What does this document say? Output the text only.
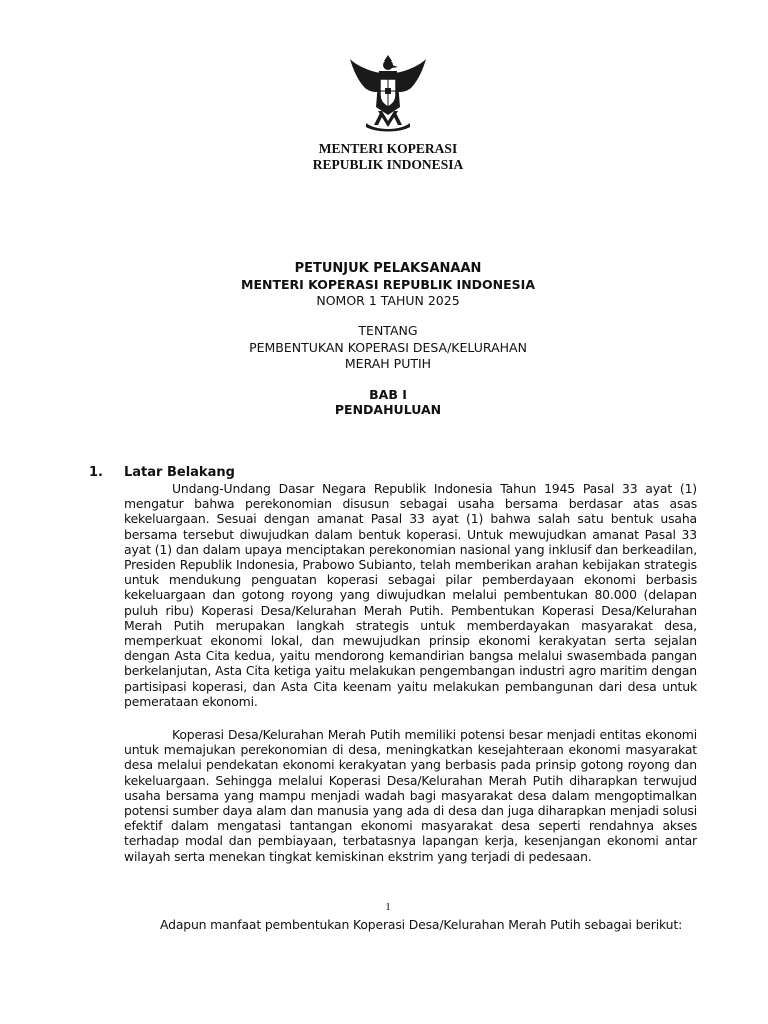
MENTERI KOPERASI
REPUBLIK INDONESIA
PETUNJUK PELAKSANAAN
MENTERI KOPERASI REPUBLIK INDONESIA
NOMOR 1 TAHUN 2025
TENTANG
PEMBENTUKAN KOPERASI DESA/KELURAHAN
MERAH PUTIH
BAB I
PENDAHULUAN
1. Latar Belakang

Undang-Undang Dasar Negara Republik Indonesia Tahun 1945 Pasal 33 ayat (1) mengatur bahwa perekonomian disusun sebagai usaha bersama berdasar atas asas kekeluargaan. Sesuai dengan amanat Pasal 33 ayat (1) bahwa salah satu bentuk usaha bersama tersebut diwujudkan dalam bentuk koperasi. Untuk mewujudkan amanat Pasal 33 ayat (1) dan dalam upaya menciptakan perekonomian nasional yang inklusif dan berkeadilan, Presiden Republik Indonesia, Prabowo Subianto, telah memberikan arahan kebijakan strategis untuk mendukung penguatan koperasi sebagai pilar pemberdayaan ekonomi berbasis kekeluargaan dan gotong royong yang diwujudkan melalui pembentukan 80.000 (delapan puluh ribu) Koperasi Desa/Kelurahan Merah Putih. Pembentukan Koperasi Desa/Kelurahan Merah Putih merupakan langkah strategis untuk memberdayakan masyarakat desa, memperkuat ekonomi lokal, dan mewujudkan prinsip ekonomi kerakyatan serta sejalan dengan Asta Cita kedua, yaitu mendorong kemandirian bangsa melalui swasembada pangan berkelanjutan, Asta Cita ketiga yaitu melakukan pengembangan industri agro maritim dengan partisipasi koperasi, dan Asta Cita keenam yaitu melakukan pembangunan dari desa untuk pemerataan ekonomi.

Koperasi Desa/Kelurahan Merah Putih memiliki potensi besar menjadi entitas ekonomi untuk memajukan perekonomian di desa, meningkatkan kesejahteraan ekonomi masyarakat desa melalui pendekatan ekonomi kerakyatan yang berbasis pada prinsip gotong royong dan kekeluargaan. Sehingga melalui Koperasi Desa/Kelurahan Merah Putih diharapkan terwujud usaha bersama yang mampu menjadi wadah bagi masyarakat desa dalam mengoptimalkan potensi sumber daya alam dan manusia yang ada di desa dan juga diharapkan menjadi solusi efektif dalam mengatasi tantangan ekonomi masyarakat desa seperti rendahnya akses terhadap modal dan pembiayaan, terbatasnya lapangan kerja, kesenjangan ekonomi antar wilayah serta menekan tingkat kemiskinan ekstrim yang terjadi di pedesaan.

1

Adapun manfaat pembentukan Koperasi Desa/Kelurahan Merah Putih sebagai berikut:
